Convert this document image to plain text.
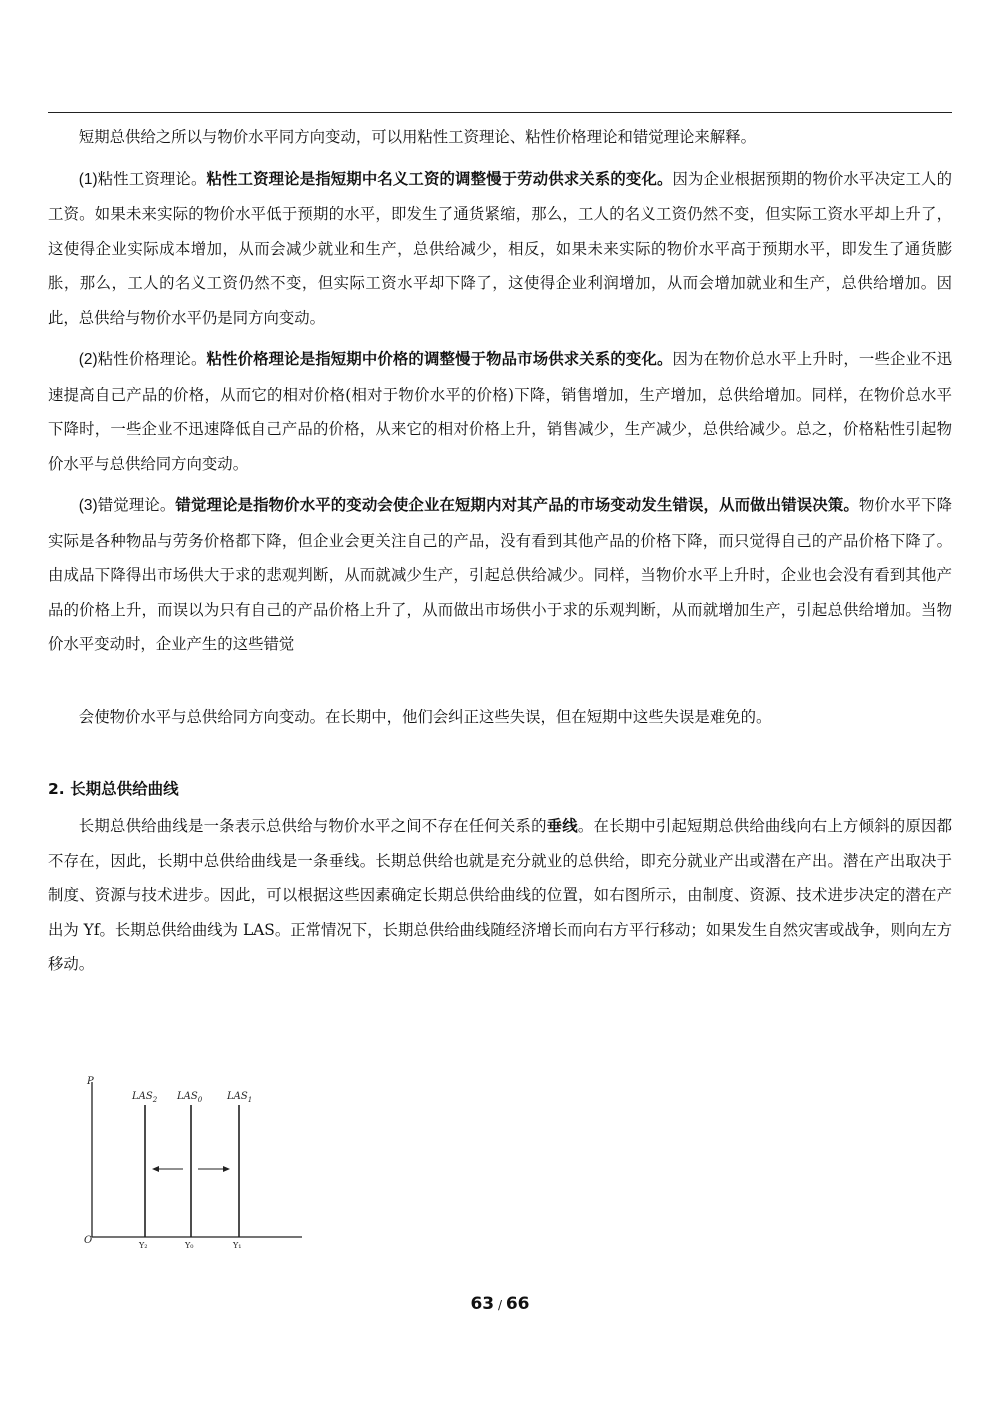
短期总供给之所以与物价水平同方向变动，可以用粘性工资理论、粘性价格理论和错觉理论来解释。

(1)粘性工资理论。粘性工资理论是指短期中名义工资的调整慢于劳动供求关系的变化。因为企业根据预期的物价水平决定工人的工资。如果未来实际的物价水平低于预期的水平，即发生了通货紧缩，那么，工人的名义工资仍然不变，但实际工资水平却上升了，这使得企业实际成本增加，从而会减少就业和生产，总供给减少，相反，如果未来实际的物价水平高于预期水平，即发生了通货膨胀，那么，工人的名义工资仍然不变，但实际工资水平却下降了，这使得企业利润增加，从而会增加就业和生产，总供给增加。因此，总供给与物价水平仍是同方向变动。

(2)粘性价格理论。粘性价格理论是指短期中价格的调整慢于物品市场供求关系的变化。因为在物价总水平上升时，一些企业不迅速提高自己产品的价格，从而它的相对价格(相对于物价水平的价格)下降，销售增加，生产增加，总供给增加。同样，在物价总水平下降时，一些企业不迅速降低自己产品的价格，从来它的相对价格上升，销售减少，生产减少，总供给减少。总之，价格粘性引起物价水平与总供给同方向变动。

(3)错觉理论。错觉理论是指物价水平的变动会使企业在短期内对其产品的市场变动发生错误，从而做出错误决策。物价水平下降实际是各种物品与劳务价格都下降，但企业会更关注自己的产品，没有看到其他产品的价格下降，而只觉得自己的产品价格下降了。由成品下降得出市场供大于求的悲观判断，从而就减少生产，引起总供给减少。同样，当物价水平上升时，企业也会没有看到其他产品的价格上升，而误以为只有自己的产品价格上升了，从而做出市场供小于求的乐观判断，从而就增加生产，引起总供给增加。当物价水平变动时，企业产生的这些错觉

会使物价水平与总供给同方向变动。在长期中，他们会纠正这些失误，但在短期中这些失误是难免的。

2. 长期总供给曲线

长期总供给曲线是一条表示总供给与物价水平之间不存在任何关系的垂线。在长期中引起短期总供给曲线向右上方倾斜的原因都不存在，因此，长期中总供给曲线是一条垂线。长期总供给也就是充分就业的总供给，即充分就业产出或潜在产出。潜在产出取决于制度、资源与技术进步。因此，可以根据这些因素确定长期总供给曲线的位置，如右图所示，由制度、资源、技术进步决定的潜在产出为 Yf。长期总供给曲线为 LAS。正常情况下，长期总供给曲线随经济增长而向右方平行移动；如果发生自然灾害或战争，则向左方移动。

P
O
$LAS_2$ $LAS_0$ $LAS_1$
Y₂	Y₀	Y₁
63 / 66
